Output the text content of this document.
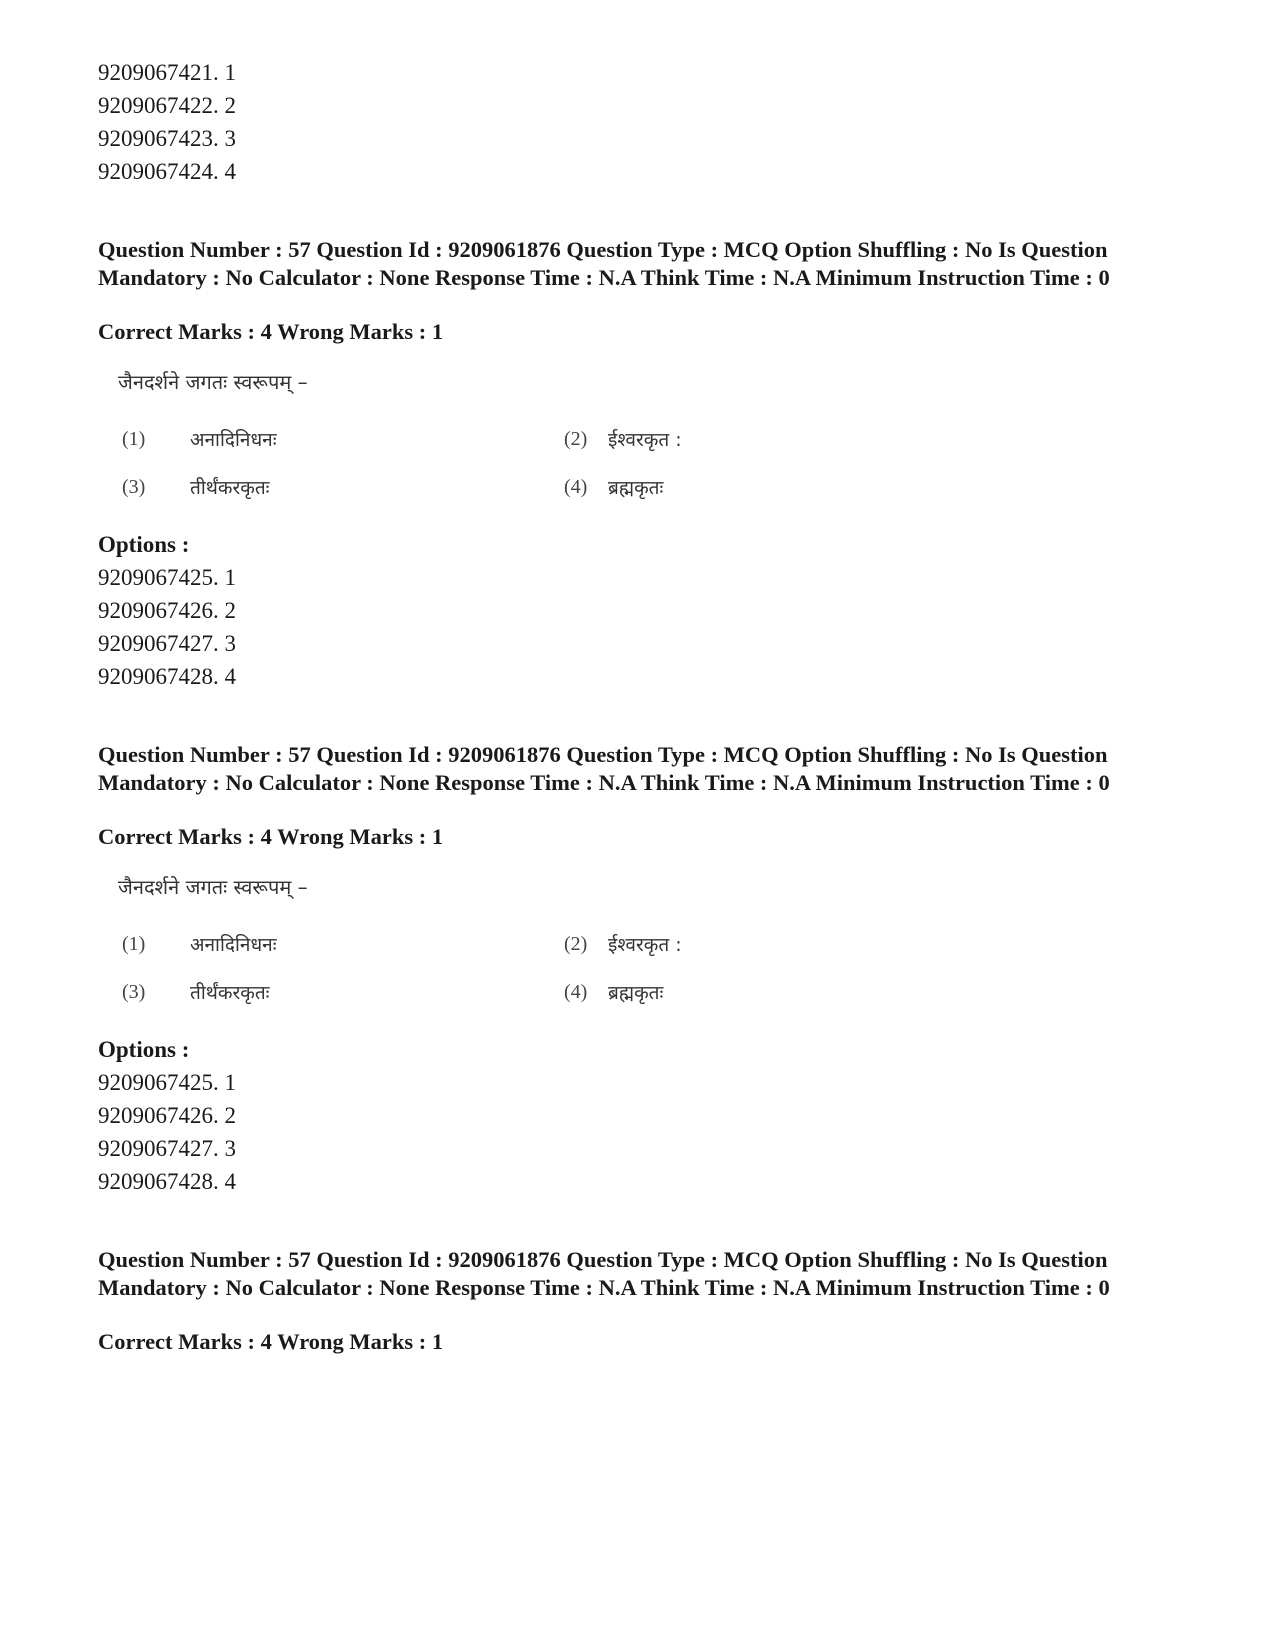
9209067421. 1
9209067422. 2
9209067423. 3
9209067424. 4
Question Number : 57 Question Id : 9209061876 Question Type : MCQ Option Shuffling : No Is Question Mandatory : No Calculator : None Response Time : N.A Think Time : N.A Minimum Instruction Time : 0
Correct Marks : 4 Wrong Marks : 1
जैनदर्शने जगतः स्वरूपम् –
(1) अनादिनिधनः	(2) ईश्वरकृत :
(3) तीर्थंकरकृतः	(4) ब्रह्मकृतः
Options :
9209067425. 1
9209067426. 2
9209067427. 3
9209067428. 4
Question Number : 57 Question Id : 9209061876 Question Type : MCQ Option Shuffling : No Is Question Mandatory : No Calculator : None Response Time : N.A Think Time : N.A Minimum Instruction Time : 0
Correct Marks : 4 Wrong Marks : 1
जैनदर्शने जगतः स्वरूपम् –
(1) अनादिनिधनः	(2) ईश्वरकृत :
(3) तीर्थंकरकृतः	(4) ब्रह्मकृतः
Options :
9209067425. 1
9209067426. 2
9209067427. 3
9209067428. 4
Question Number : 57 Question Id : 9209061876 Question Type : MCQ Option Shuffling : No Is Question Mandatory : No Calculator : None Response Time : N.A Think Time : N.A Minimum Instruction Time : 0
Correct Marks : 4 Wrong Marks : 1
